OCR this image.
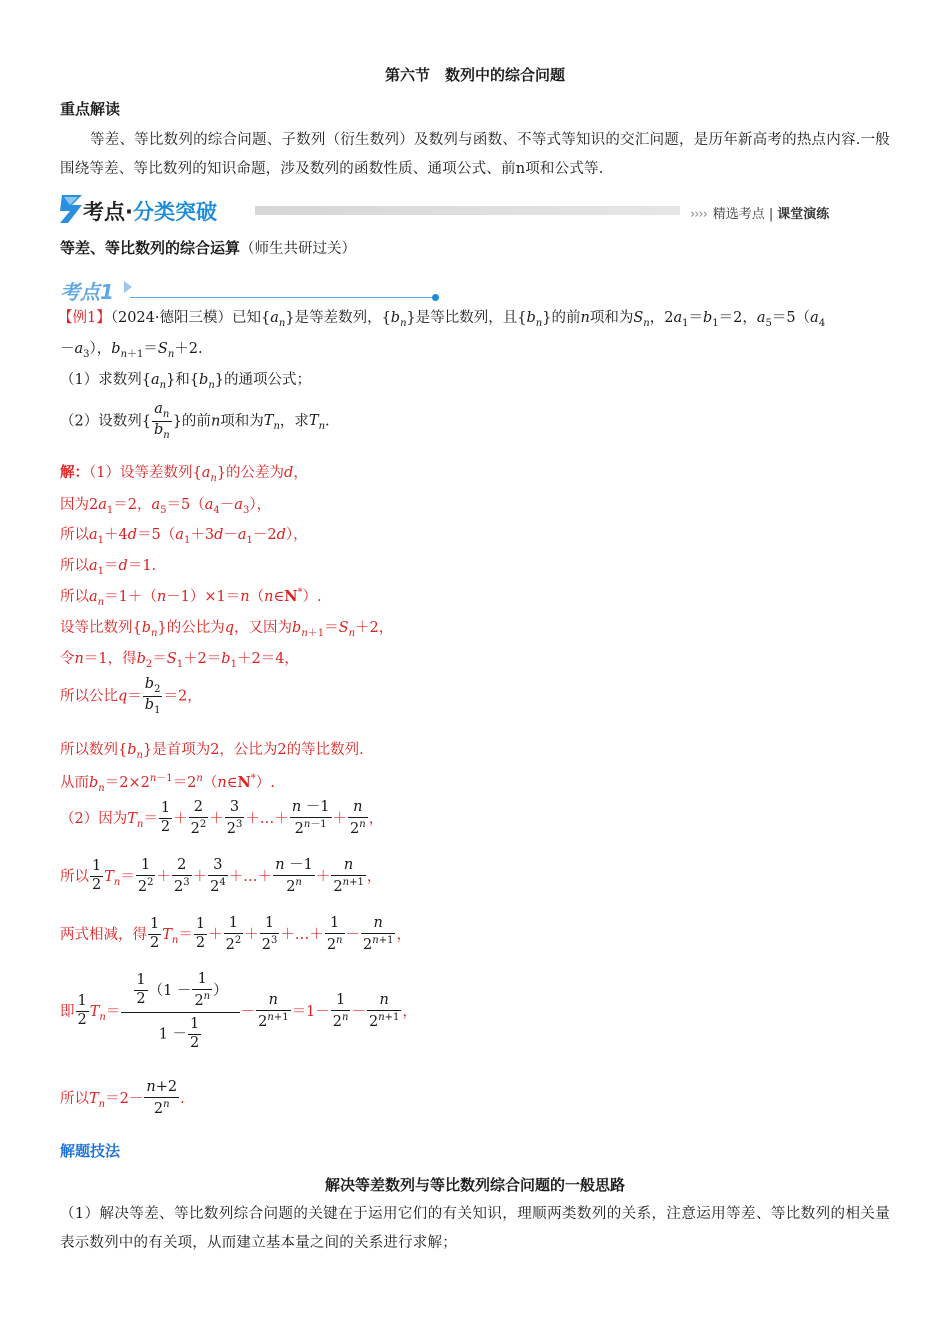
第六节　数列中的综合问题
重点解读
等差、等比数列的综合问题、子数列（衍生数列）及数列与函数、不等式等知识的交汇问题，是历年新高考的热点内容.一般围绕等差、等比数列的知识命题，涉及数列的函数性质、通项公式、前n项和公式等.
考点·分类突破	›››› 精选考点 | 课堂演练
等差、等比数列的综合运算（师生共研过关）
考点1
【例1】（2024·德阳三模）已知$\{a_n\}$是等差数列，$\{b_n\}$是等比数列，且$\{b_n\}$的前n项和为$S_n$，$2a_1=b_1=2$，$a_5=5(a_4$
$-a_3$），$b_{n+1}=S_n+2$.
（1）求数列$\{a_n\}$和$\{b_n\}$的通项公式；
（2）设数列{ $\frac{a_n}{b_n}$ }的前n项和为$T_n$，求$T_n$.
解：（1）设等差数列$\{a_n\}$的公差为d，
因为$2a_1=2$，$a_5=5(a_4-a_3)$，
所以$a_1+4d=5(a_1+3d-a_1-2d)$，
所以$a_1=d=1$.
所以$a_n=1+(n-1)\times 1=n(n\in N^*)$.
设等比数列$\{b_n\}$的公比为q，又因为$b_{n+1}=S_n+2$，
令n＝1，得$b_2=S_1+2=b_1+2=4$，
所以公比$q= \frac{b_2}{b_1} =2$，
所以数列$\{b_n\}$是首项为2，公比为2的等比数列.
从而$b_n=2\times 2^{n-1}=2^n(n\in N^*)$.
（2）因为$T_n= \frac{1}{2} + \frac{2}{2^2} + \frac{3}{2^3}$ ＋…＋ $\frac{n -1}{2^{n-1}} + \frac{n}{2^n}$ ，
所以 $\frac{1}{2} T_n= \frac{1}{2^2} + \frac{2}{2^3} + \frac{3}{2^4}$ ＋…＋ $\frac{n -1}{2^n} + \frac{n}{2^{n+1}}$ ，
两式相减，得 $\frac{1}{2} T_n= \frac{1}{2} + \frac{1}{2^2} + \frac{1}{2^3}$ ＋…＋ $\frac{1}{2^n} - \frac{n}{2^{n+1}}$ ，
即 $\frac{1}{2} T_n= \frac{\frac{1}{2} (1 - \frac{1}{2^n} )}{1 - \frac{1}{2}} - \frac{n}{2^{n+1}} =1- \frac{1}{2^n} - \frac{n}{2^{n+1}}$ ，
所以$T_n=2- \frac{n+2}{2^n}$ .
解题技法
解决等差数列与等比数列综合问题的一般思路
（1）解决等差、等比数列综合问题的关键在于运用它们的有关知识，理顺两类数列的关系，注意运用等差、等比数列的相关量表示数列中的有关项，从而建立基本量之间的关系进行求解；
